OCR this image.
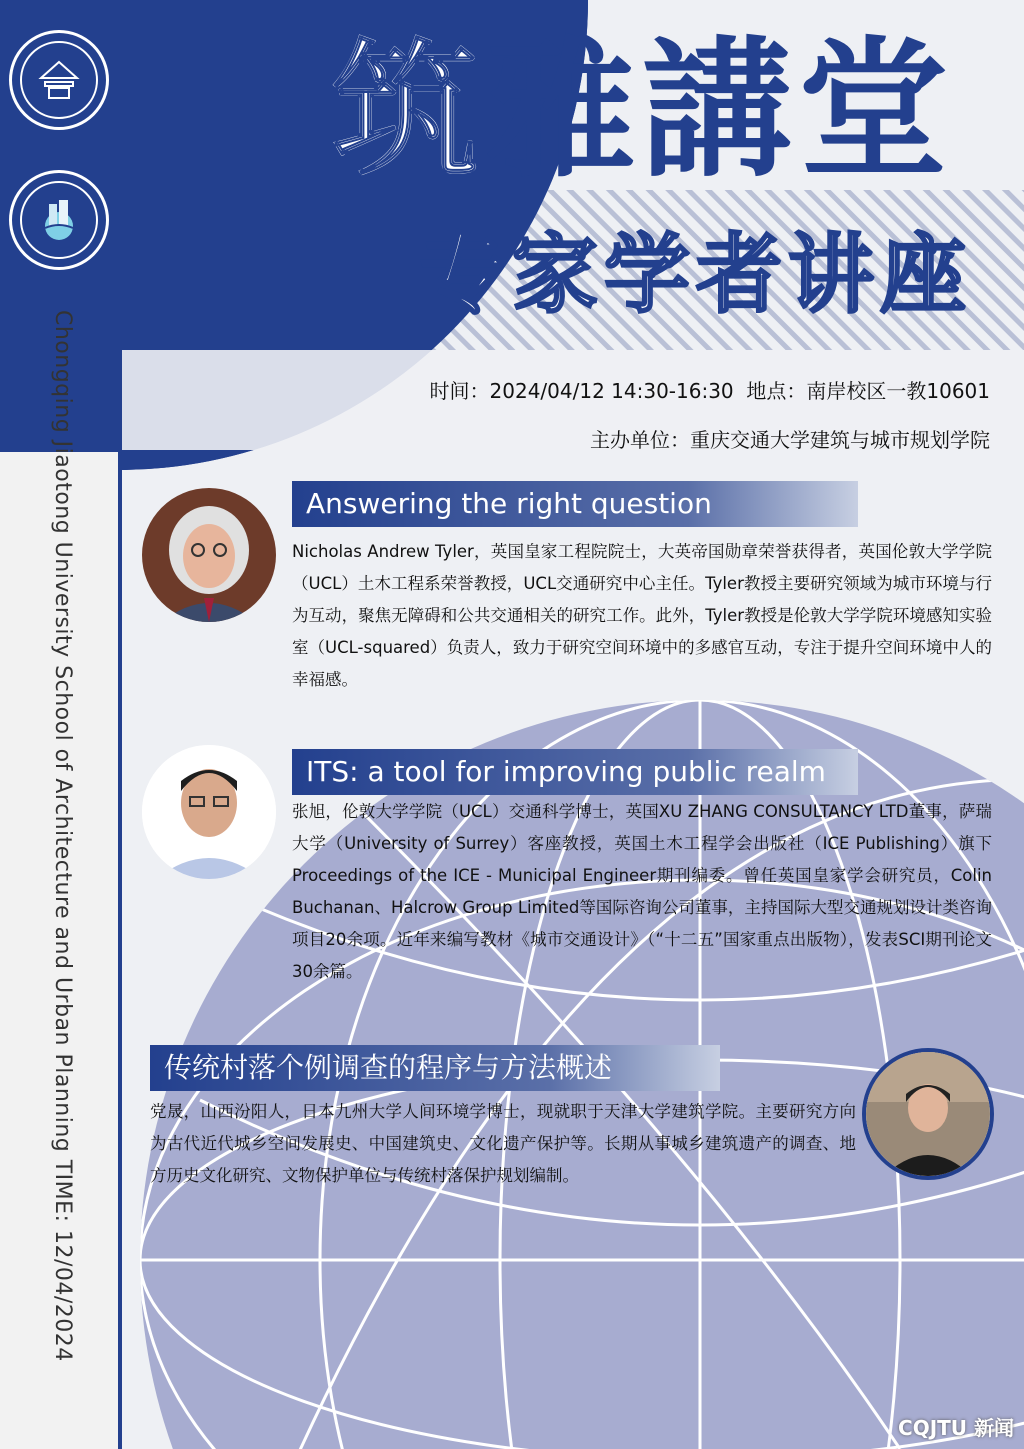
Chongqing Jiaotong University School of Architecture and Urban Planning TIME: 12/04/2024
筑雅講堂
专家学者讲座
时间：2024/04/12 14:30-16:30 地点：南岸校区一教10601
主办单位：重庆交通大学建筑与城市规划学院
Answering the right question
Nicholas Andrew Tyler，英国皇家工程院院士，大英帝国勋章荣誉获得者，英国伦敦大学学院（UCL）土木工程系荣誉教授，UCL交通研究中心主任。Tyler教授主要研究领域为城市环境与行为互动，聚焦无障碍和公共交通相关的研究工作。此外，Tyler教授是伦敦大学学院环境感知实验室（UCL-squared）负责人，致力于研究空间环境中的多感官互动，专注于提升空间环境中人的幸福感。
ITS: a tool for improving public realm
张旭，伦敦大学学院（UCL）交通科学博士，英国XU ZHANG CONSULTANCY LTD董事，萨瑞大学（University of Surrey）客座教授，英国土木工程学会出版社（ICE Publishing）旗下Proceedings of the ICE - Municipal Engineer期刊编委。曾任英国皇家学会研究员，Colin Buchanan、Halcrow Group Limited等国际咨询公司董事，主持国际大型交通规划设计类咨询项目20余项。近年来编写教材《城市交通设计》（“十二五”国家重点出版物），发表SCI期刊论文30余篇。
传统村落个例调查的程序与方法概述
党晟，山西汾阳人，日本九州大学人间环境学博士，现就职于天津大学建筑学院。主要研究方向为古代近代城乡空间发展史、中国建筑史、文化遗产保护等。长期从事城乡建筑遗产的调查、地方历史文化研究、文物保护单位与传统村落保护规划编制。
CQJTU 新闻
